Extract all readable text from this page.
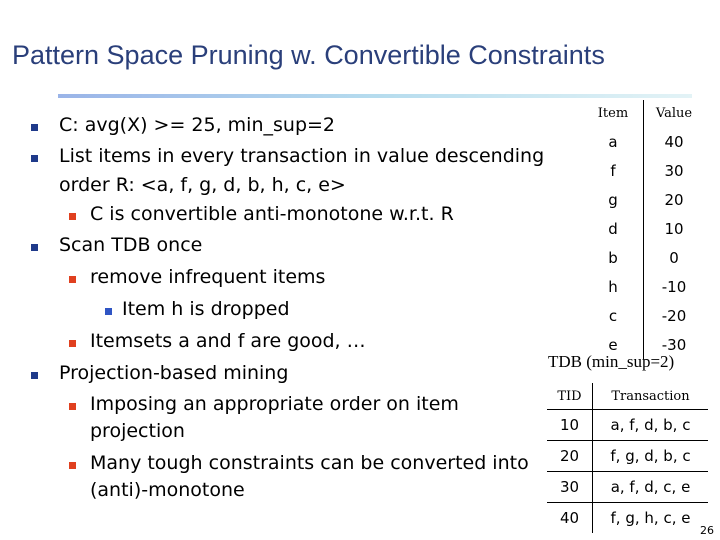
Pattern Space Pruning w. Convertible Constraints
C: avg(X) >= 25, min_sup=2
List items in every transaction in value descending
order R: <a, f, g, d, b, h, c, e>
C is convertible anti-monotone w.r.t. R
Scan TDB once
remove infrequent items
Item h is dropped
Itemsets a and f are good, …
Projection-based mining
Imposing an appropriate order on item
projection
Many tough constraints can be converted into
(anti)-monotone
Item	Value
a	40
f	30
g	20
d	10
b	0
h	-10
c	-20
e	-30
TDB (min_sup=2)
TID	Transaction
10	a, f, d, b, c
20	f, g, d, b, c
30	a, f, d, c, e
40	f, g, h, c, e
26
